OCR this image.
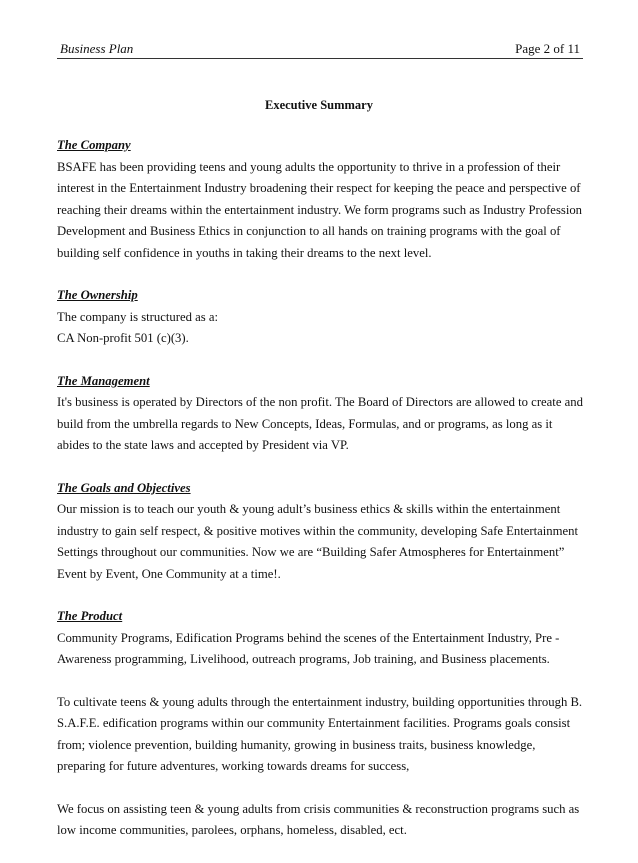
Business Plan	Page 2 of 11
Executive Summary

The Company

BSAFE has been providing teens and young adults the opportunity to thrive in a profession of their interest in the Entertainment Industry broadening their respect for keeping the peace and perspective of reaching their dreams within the entertainment industry. We form programs such as Industry Profession Development and Business Ethics in conjunction to all hands on training programs with the goal of building self confidence in youths in taking their dreams to the next level.

The Ownership

The company is structured as a:

CA Non-profit 501 (c)(3).

The Management

It's business is operated by Directors of the non profit. The Board of Directors are allowed to create and build from the umbrella regards to New Concepts, Ideas, Formulas, and or programs, as long as it abides to the state laws and accepted by President via VP.

The Goals and Objectives

Our mission is to teach our youth & young adult’s business ethics & skills within the entertainment industry to gain self respect, & positive motives within the community, developing Safe Entertainment Settings throughout our communities. Now we are “Building Safer Atmospheres for Entertainment” Event by Event, One Community at a time!.

The Product

Community Programs, Edification Programs behind the scenes of the Entertainment Industry, Pre - Awareness programming, Livelihood, outreach programs, Job training, and Business placements.

To cultivate teens & young adults through the entertainment industry, building opportunities through B. S.A.F.E. edification programs within our community Entertainment facilities. Programs goals consist from; violence prevention, building humanity, growing in business traits, business knowledge, preparing for future adventures, working towards dreams for success,

We focus on assisting teen & young adults from crisis communities & reconstruction programs such as low income communities, parolees, orphans, homeless, disabled, ect.
